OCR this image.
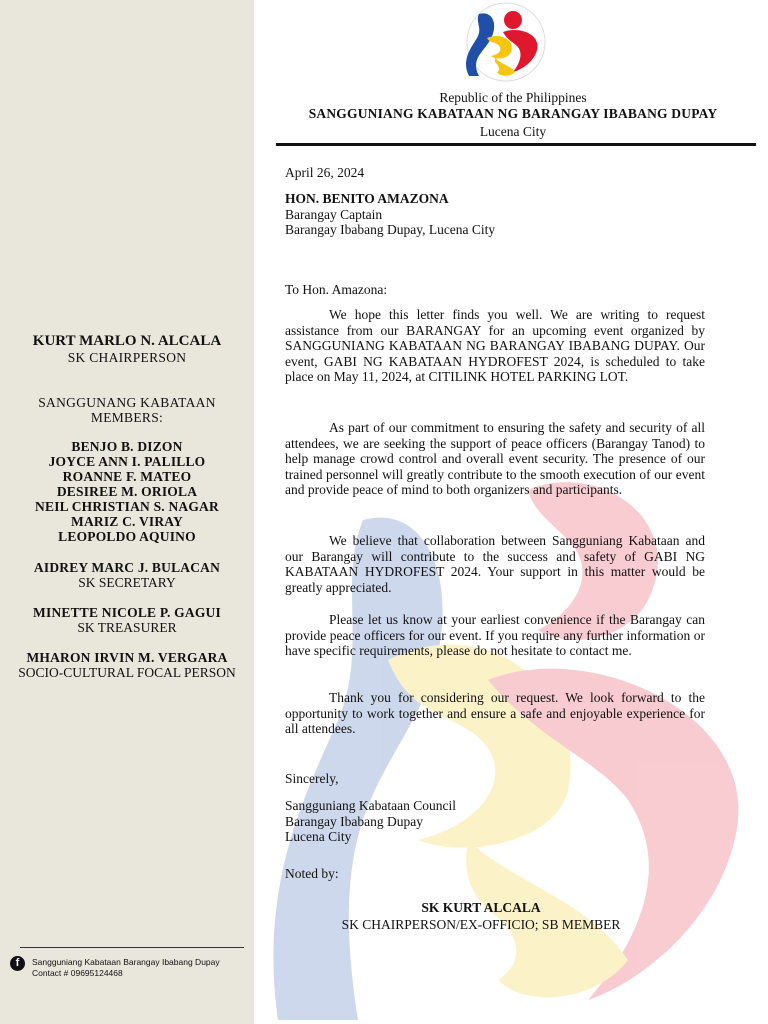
KURT MARLO N. ALCALA
SK CHAIRPERSON
SANGGUNANG KABATAAN
MEMBERS:
BENJO B. DIZON
JOYCE ANN I. PALILLO
ROANNE F. MATEO
DESIREE M. ORIOLA
NEIL CHRISTIAN S. NAGAR
MARIZ C. VIRAY
LEOPOLDO AQUINO
AIDREY MARC J. BULACAN
SK SECRETARY
MINETTE NICOLE P. GAGUI
SK TREASURER
MHARON IRVIN M. VERGARA
SOCIO-CULTURAL FOCAL PERSON
f	Sangguniang Kabataan Barangay Ibabang Dupay
Contact # 09695124468
Republic of the Philippines
SANGGUNIANG KABATAAN NG BARANGAY IBABANG DUPAY
Lucena City
April 26, 2024
HON. BENITO AMAZONA
Barangay Captain
Barangay Ibabang Dupay, Lucena City
To Hon. Amazona:

We hope this letter finds you well. We are writing to request assistance from our BARANGAY for an upcoming event organized by SANGGUNIANG KABATAAN NG BARANGAY IBABANG DUPAY. Our event, GABI NG KABATAAN HYDROFEST 2024, is scheduled to take place on May 11, 2024, at CITILINK HOTEL PARKING LOT.

As part of our commitment to ensuring the safety and security of all attendees, we are seeking the support of peace officers (Barangay Tanod) to help manage crowd control and overall event security. The presence of our trained personnel will greatly contribute to the smooth execution of our event and provide peace of mind to both organizers and participants.

We believe that collaboration between Sangguniang Kabataan and our Barangay will contribute to the success and safety of GABI NG KABATAAN HYDROFEST 2024. Your support in this matter would be greatly appreciated.

Please let us know at your earliest convenience if the Barangay can provide peace officers for our event. If you require any further information or have specific requirements, please do not hesitate to contact me.

Thank you for considering our request. We look forward to the opportunity to work together and ensure a safe and enjoyable experience for all attendees.

Sincerely,
Sangguniang Kabataan Council
Barangay Ibabang Dupay
Lucena City
Noted by:
SK KURT ALCALA
SK CHAIRPERSON/EX-OFFICIO; SB MEMBER
